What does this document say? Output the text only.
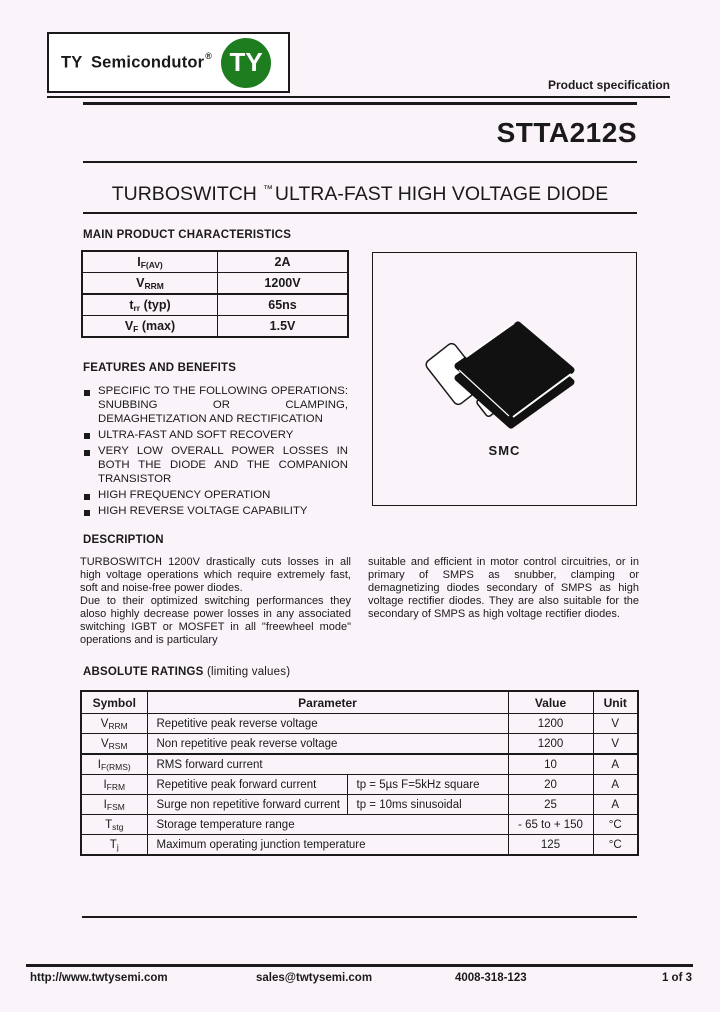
TY Semicondutor® TY
Product specification
STTA212S
TURBOSWITCH ™ ULTRA-FAST HIGH VOLTAGE DIODE
MAIN PRODUCT CHARACTERISTICS
$I_{F(AV)}$	2A
$V_{RRM}$	1200V
$t_{rr}$ (typ)	65ns
$V_F$ (max)	1.5V
SMC
FEATURES AND BENEFITS
SPECIFIC TO THE FOLLOWING OPERATIONS: SNUBBING OR CLAMPING, DEMAGHETIZATION AND RECTIFICATION
ULTRA-FAST AND SOFT RECOVERY
VERY LOW OVERALL POWER LOSSES IN BOTH THE DIODE AND THE COMPANION TRANSISTOR
HIGH FREQUENCY OPERATION
HIGH REVERSE VOLTAGE CAPABILITY
DESCRIPTION

TURBOSWITCH 1200V drastically cuts losses in all high voltage operations which require extremely fast, soft and noise-free power diodes.

Due to their optimized switching performances they aloso highly decrease power losses in any associated switching IGBT or MOSFET in all "freewheel mode" operations and is particulary

suitable and efficient in motor control circuitries, or in primary of SMPS as snubber, clamping or demagnetizing diodes secondary of SMPS as high voltage rectifier diodes. They are also suitable for the secondary of SMPS as high voltage rectifier diodes.

ABSOLUTE RATINGS (limiting values)
Symbol	Parameter		Value	Unit
$V_{RRM}$	Repetitive peak reverse voltage		1200	V
$V_{RSM}$	Non repetitive peak reverse voltage		1200	V
$I_{F(RMS)}$	RMS forward current		10	A
$I_{FRM}$	Repetitive peak forward current	tp = 5µs F=5kHz square	20	A
$I_{FSM}$	Surge non repetitive forward current	tp = 10ms sinusoidal	25	A
$T_{stg}$	Storage temperature range		- 65 to + 150	°C
$T_j$	Maximum operating junction temperature		125	°C
http://www.twtysemi.com	sales@twtysemi.com	4008-318-123	1 of 3
